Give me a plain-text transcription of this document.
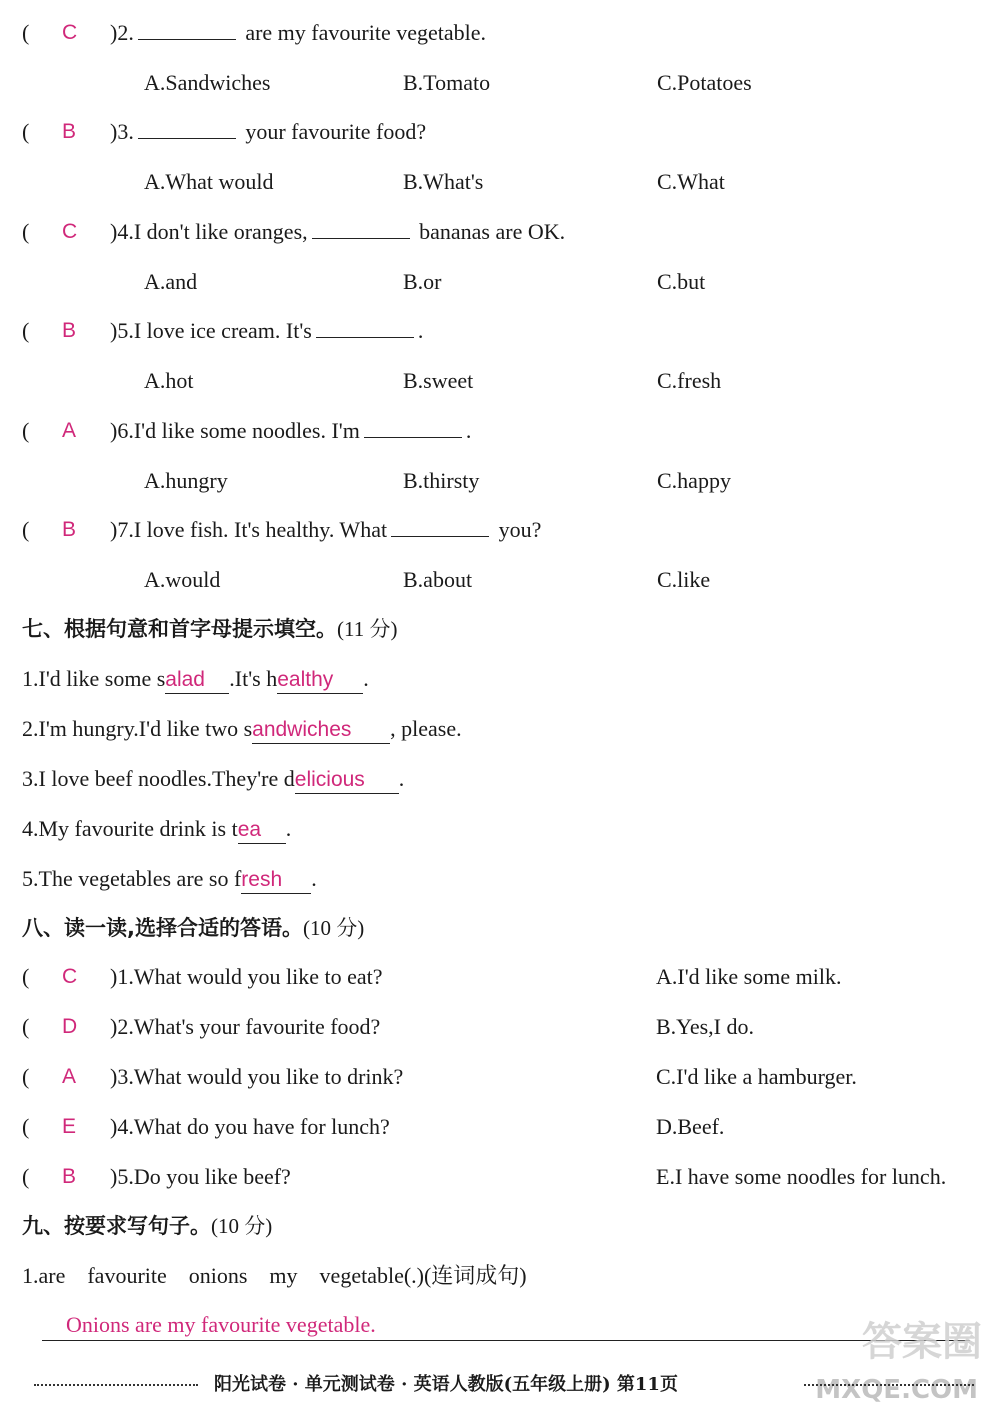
( C )2.	are my favourite vegetable.
A.Sandwiches	B.Tomato	C.Potatoes
( B )3.	your favourite food?
A.What would	B.What's	C.What
( C )4.I don't like oranges,	bananas are OK.
A.and	B.or	C.but
( B )5.I love ice cream. It's	.
A.hot	B.sweet	C.fresh
( A )6.I'd like some noodles. I'm	.
A.hungry	B.thirsty	C.happy
( B )7.I love fish. It's healthy. What	you?
A.would	B.about	C.like
七、根据句意和首字母提示填空。(11 分)
1.I'd like some salad .It's healthy .
2.I'm hungry.I'd like two sandwiches , please.
3.I love beef noodles.They're delicious .
4.My favourite drink is tea .
5.The vegetables are so fresh .
八、读一读,选择合适的答语。(10 分)
( C )1.What would you like to eat?	A.I'd like some milk.
( D )2.What's your favourite food?	B.Yes,I do.
( A )3.What would you like to drink?	C.I'd like a hamburger.
( E )4.What do you have for lunch?	D.Beef.
( B )5.Do you like beef?	E.I have some noodles for lunch.
九、按要求写句子。(10 分)
1.are    favourite    onions    my    vegetable(.)(连词成句)
Onions are my favourite vegetable.	答案圈
MXQE.COM
阳光试卷 · 单元测试卷 · 英语人教版(五年级上册) 第11页
